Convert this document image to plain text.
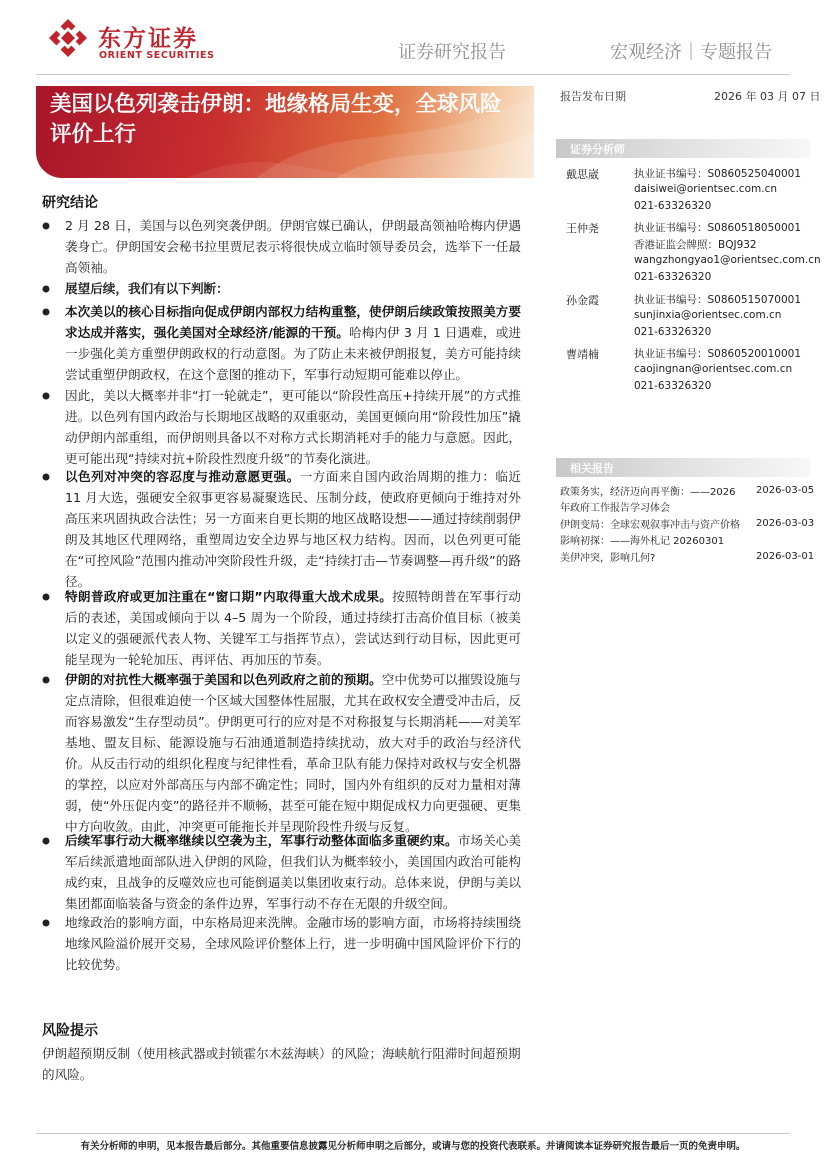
东方证券
ORIENT SECURITIES	证券研究报告	宏观经济｜专题报告
美国以色列袭击伊朗：地缘格局生变，全球风险评价上行
报告发布日期	2026 年 03 月 07 日
证券分析师
戴思崴	执业证书编号：S0860525040001
daisiwei@orientsec.com.cn
021-63326320
王仲尧	执业证书编号：S0860518050001
香港证监会牌照：BQJ932
wangzhongyao1@orientsec.com.cn
021-63326320
孙金霞	执业证书编号：S0860515070001
sunjinxia@orientsec.com.cn
021-63326320
曹靖楠	执业证书编号：S0860520010001
caojingnan@orientsec.com.cn
021-63326320
相关报告
政策务实，经济迈向再平衡：——2026 年政府工作报告学习体会
2026-03-05
伊朗变局：全球宏观叙事冲击与资产价格影响初探：——海外札记 20260301
2026-03-03
美伊冲突，影响几何?	2026-03-01
研究结论
2 月 28 日，美国与以色列突袭伊朗。伊朗官媒已确认，伊朗最高领袖哈梅内伊遇袭身亡。伊朗国安会秘书拉里贾尼表示将很快成立临时领导委员会，选举下一任最高领袖。
展望后续，我们有以下判断：
本次美以的核心目标指向促成伊朗内部权力结构重整，使伊朗后续政策按照美方要求达成并落实，强化美国对全球经济/能源的干预。哈梅内伊 3 月 1 日遇难，或进一步强化美方重塑伊朗政权的行动意图。为了防止未来被伊朗报复，美方可能持续尝试重塑伊朗政权，在这个意图的推动下，军事行动短期可能难以停止。
因此，美以大概率并非“打一轮就走”，更可能以“阶段性高压+持续开展”的方式推进。以色列有国内政治与长期地区战略的双重驱动，美国更倾向用“阶段性加压”撬动伊朗内部重组，而伊朗则具备以不对称方式长期消耗对手的能力与意愿。因此，更可能出现“持续对抗+阶段性烈度升级”的节奏化演进。
以色列对冲突的容忍度与推动意愿更强。一方面来自国内政治周期的推力：临近 11 月大选，强硬安全叙事更容易凝聚选民、压制分歧，使政府更倾向于维持对外高压来巩固执政合法性；另一方面来自更长期的地区战略设想——通过持续削弱伊朗及其地区代理网络，重塑周边安全边界与地区权力结构。因而，以色列更可能在“可控风险”范围内推动冲突阶段性升级，走“持续打击—节奏调整—再升级”的路径。
特朗普政府或更加注重在“窗口期”内取得重大战术成果。按照特朗普在军事行动后的表述，美国或倾向于以 4–5 周为一个阶段，通过持续打击高价值目标（被美以定义的强硬派代表人物、关键军工与指挥节点），尝试达到行动目标，因此更可能呈现为一轮轮加压、再评估、再加压的节奏。
伊朗的对抗性大概率强于美国和以色列政府之前的预期。空中优势可以摧毁设施与定点清除，但很难迫使一个区域大国整体性屈服，尤其在政权安全遭受冲击后，反而容易激发“生存型动员”。伊朗更可行的应对是不对称报复与长期消耗——对美军基地、盟友目标、能源设施与石油通道制造持续扰动，放大对手的政治与经济代价。从反击行动的组织化程度与纪律性看，革命卫队有能力保持对政权与安全机器的掌控，以应对外部高压与内部不确定性；同时，国内外有组织的反对力量相对薄弱，使“外压促内变”的路径并不顺畅，甚至可能在短中期促成权力向更强硬、更集中方向收敛。由此，冲突更可能拖长并呈现阶段性升级与反复。
后续军事行动大概率继续以空袭为主，军事行动整体面临多重硬约束。市场关心美军后续派遣地面部队进入伊朗的风险，但我们认为概率较小，美国国内政治可能构成约束，且战争的反噬效应也可能倒逼美以集团收束行动。总体来说，伊朗与美以集团都面临装备与资金的条件边界，军事行动不存在无限的升级空间。
地缘政治的影响方面，中东格局迎来洗牌。金融市场的影响方面，市场将持续围绕地缘风险溢价展开交易，全球风险评价整体上行，进一步明确中国风险评价下行的比较优势。
风险提示
伊朗超预期反制（使用核武器或封锁霍尔木兹海峡）的风险；海峡航行阻滞时间超预期的风险。
有关分析师的申明，见本报告最后部分。其他重要信息披露见分析师申明之后部分，或请与您的投资代表联系。并请阅读本证券研究报告最后一页的免责申明。
